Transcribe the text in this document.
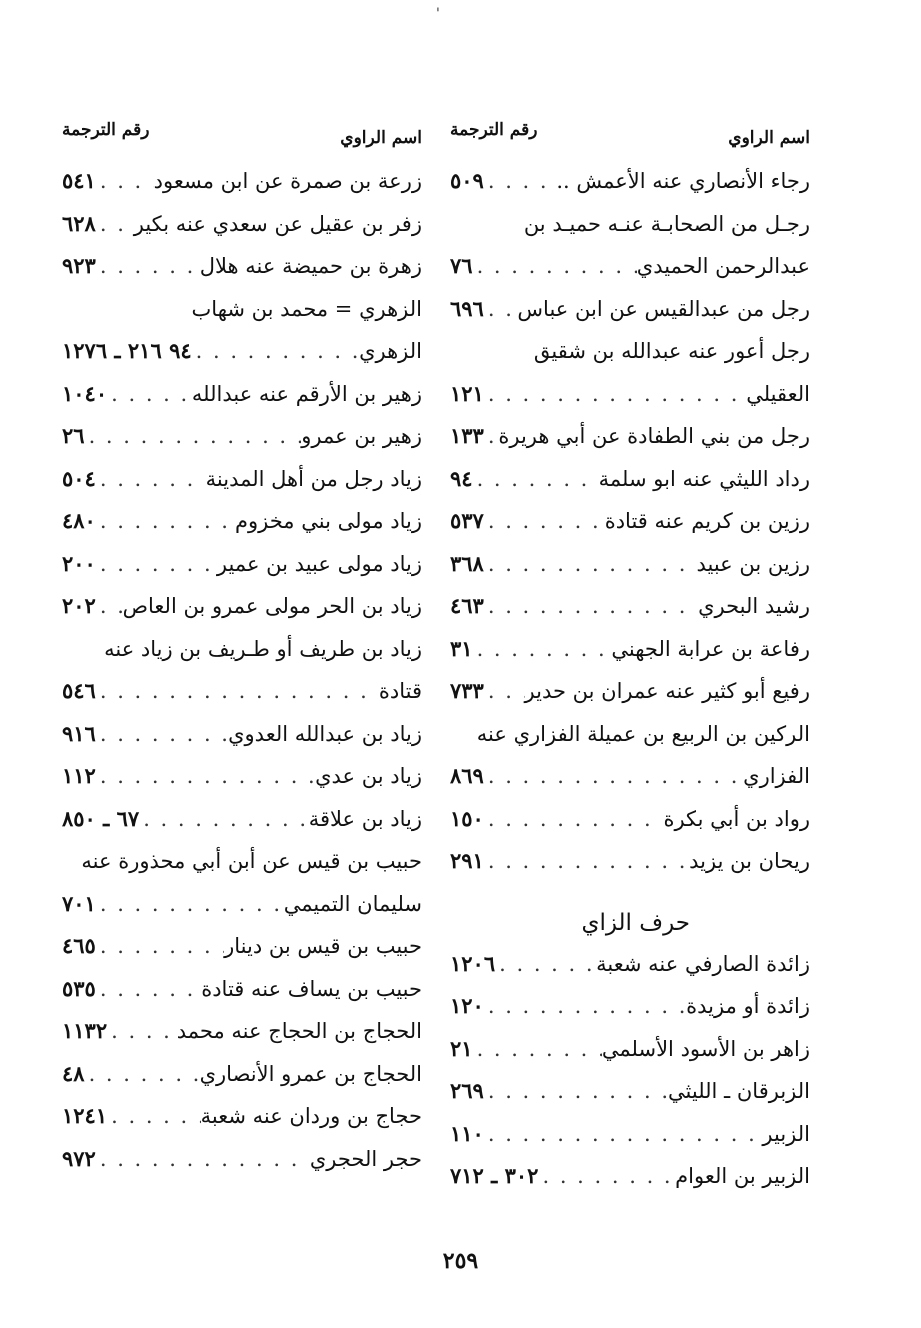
'
اسم الراوي
رقم الترجمة
رجاء الأنصاري عنه الأعمش ..
. . .
٥٠٩
رجـل من الصحابـة عنـه حميـد بن
عبدالرحمن الحميدي
. . .
٧٦
رجل من عبدالقيس عن ابن عباس
. . .
٦٩٦
رجل أعور عنه عبدالله بن شقيق
العقيلي
. . .
١٢١
رجل من بني الطفادة عن أبي هريرة
. . .
١٣٣
رداد الليثي عنه ابو سلمة
. . .
٩٤
رزين بن كريم عنه قتادة
. . .
٥٣٧
رزين بن عبيد
. . .
٣٦٨
رشيد البحري
. . .
٤٦٣
رفاعة بن عرابة الجهني
. . .
٣١
رفيع أبو كثير عنه عمران بن حدير
. . .
٧٣٣
الركين بن الربيع بن عميلة الفزاري عنه
الفزاري
. . .
٨٦٩
رواد بن أبي بكرة
. . .
١٥٠
ريحان بن يزيد
. . .
٢٩١
حرف الزاي
زائدة الصارفي عنه شعبة
. . .
١٢٠٦
زائدة أو مزيدة
. . .
١٢٠
زاهر بن الأسود الأسلمي
. . .
٢١
الزبرقان ـ الليثي
. . .
٢٦٩
الزبير
. . .
١١٠
الزبير بن العوام
. . .
٣٠٢ ـ ٧١٢
اسم الراوي
رقم الترجمة
زرعة بن صمرة عن ابن مسعود
. . .
٥٤١
زفر بن عقيل عن سعدي عنه بكير
. . .
٦٢٨
زهرة بن حميضة عنه هلال
. . .
٩٢٣
الزهري = محمد بن شهاب
الزهري
. . .
٩٤ ٢١٦ ـ ١٢٧٦
زهير بن الأرقم عنه عبدالله
. . .
١٠٤٠
زهير بن عمرو
. . .
٢٦
زياد رجل من أهل المدينة
. . .
٥٠٤
زياد مولى بني مخزوم
. . .
٤٨٠
زياد مولى عبيد بن عمير
. . .
٢٠٠
زياد بن الحر مولى عمرو بن العاص
. . .
٢٠٢
زياد بن طريف أو طـريف بن زياد عنه
قتادة
. . .
٥٤٦
زياد بن عبدالله العدوي
. . .
٩١٦
زياد بن عدي
. . .
١١٢
زياد بن علاقة
. . .
٦٧ ـ ٨٥٠
حبيب بن قيس عن أبن أبي محذورة عنه
سليمان التميمي
. . .
٧٠١
حبيب بن قيس بن دينار
. . .
٤٦٥
حبيب بن يساف عنه قتادة
. . .
٥٣٥
الحجاج بن الحجاج عنه محمد
. . .
١١٣٢
الحجاج بن عمرو الأنصاري
. . .
٤٨
حجاج بن وردان عنه شعبة
. . .
١٢٤١
حجر الحجري
. . .
٩٧٢
٢٥٩
